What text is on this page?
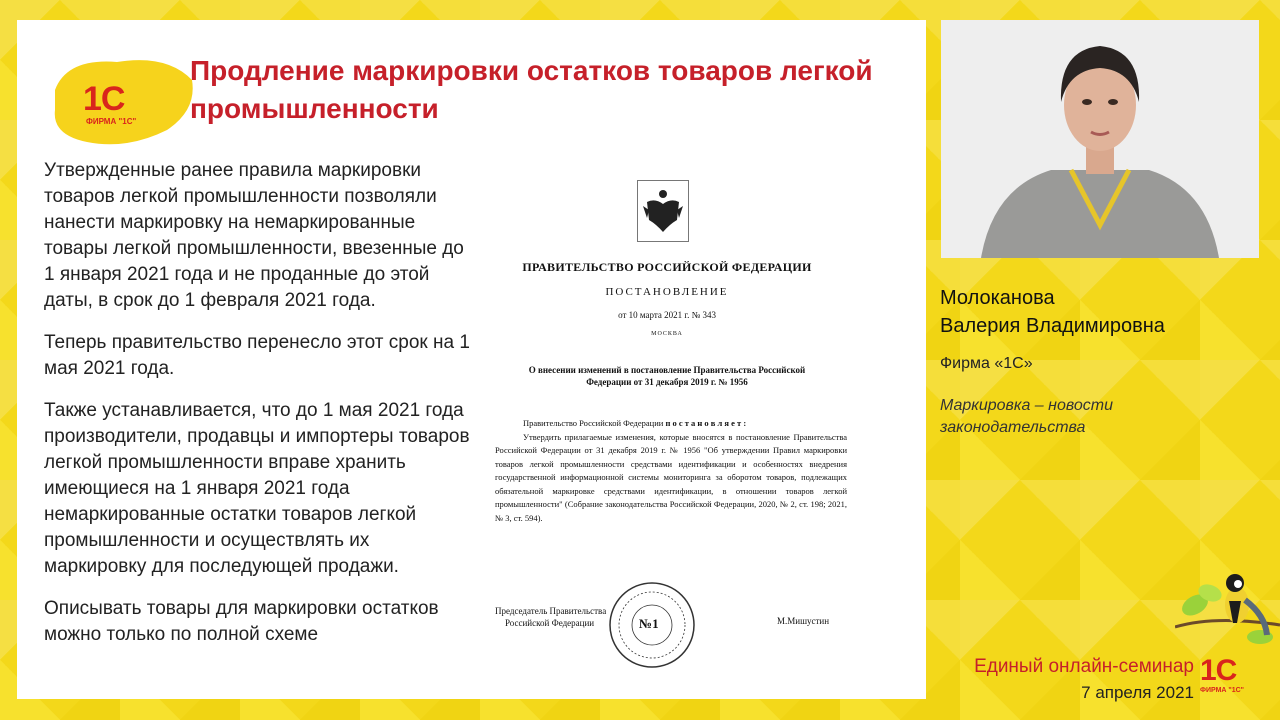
1С
ФИРМА "1С"
Продление маркировки остатков товаров легкой промышленности

Утвержденные ранее правила маркировки товаров легкой промышленности позволяли нанести маркировку на немаркированные товары легкой промышленности, ввезенные до 1 января 2021 года и не проданные до этой даты, в срок до 1 февраля 2021 года.

Теперь правительство перенесло этот срок на 1 мая 2021 года.

Также устанавливается, что до 1 мая 2021 года производители, продавцы и импортеры товаров легкой промышленности вправе хранить имеющиеся на 1 января 2021 года немаркированные остатки товаров легкой промышленности и осуществлять их маркировку для последующей продажи.

Описывать товары для маркировки остатков можно только по полной схеме

ПРАВИТЕЛЬСТВО РОССИЙСКОЙ ФЕДЕРАЦИИ
ПОСТАНОВЛЕНИЕ
от 10 марта 2021 г. № 343
МОСКВА
О внесении изменений в постановление Правительства Российской Федерации от 31 декабря 2019 г. № 1956
Правительство Российской Федерации п о с т а н о в л я е т :
Утвердить прилагаемые изменения, которые вносятся в постановление Правительства Российской Федерации от 31 декабря 2019 г. № 1956 "Об утверждении Правил маркировки товаров легкой промышленности средствами идентификации и особенностях внедрения государственной информационной системы мониторинга за оборотом товаров, подлежащих обязательной маркировке средствами идентификации, в отношении товаров легкой промышленности" (Собрание законодательства Российской Федерации, 2020, № 2, ст. 198; 2021, № 3, ст. 594).
Председатель Правительства
Российской Федерации	№1	М.Мишустин
Молоканова
Валерия Владимировна
Фирма «1С»
Маркировка – новости законодательства
Единый онлайн-семинар
7 апреля 2021
1С
ФИРМА "1С"
